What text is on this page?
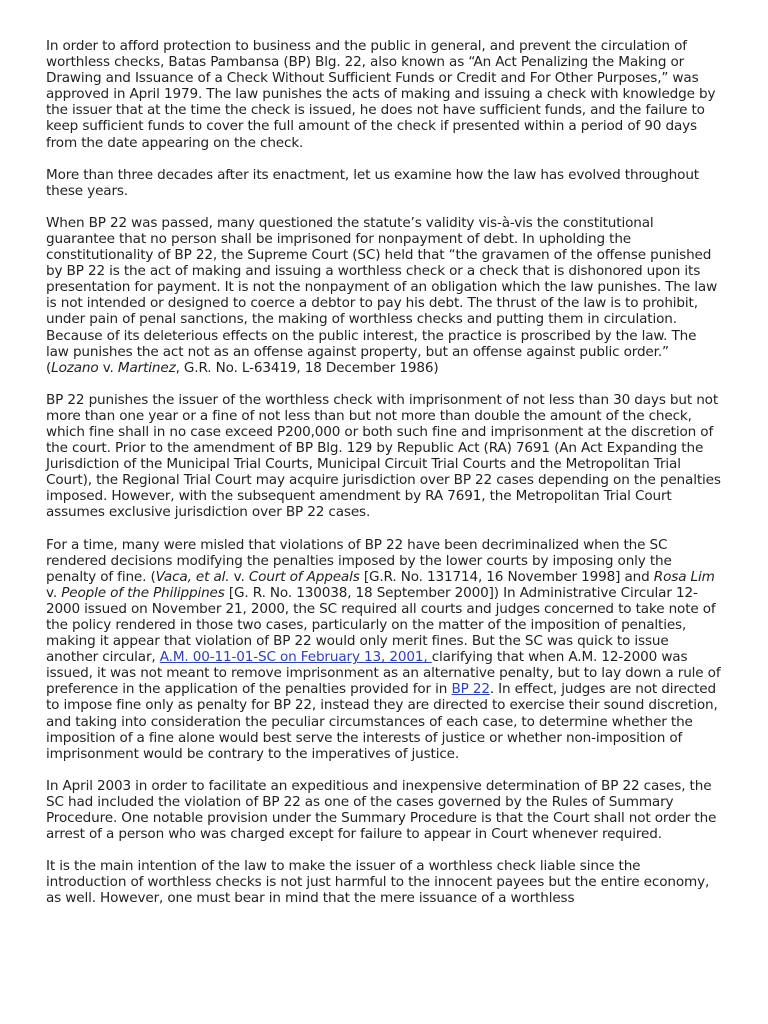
In order to afford protection to business and the public in general, and prevent the circulation of worthless checks, Batas Pambansa (BP) Blg. 22, also known as “An Act Penalizing the Making or Drawing and Issuance of a Check Without Sufficient Funds or Credit and For Other Purposes,” was approved in April 1979. The law punishes the acts of making and issuing a check with knowledge by the issuer that at the time the check is issued, he does not have sufficient funds, and the failure to keep sufficient funds to cover the full amount of the check if presented within a period of 90 days from the date appearing on the check.

More than three decades after its enactment, let us examine how the law has evolved throughout these years.

When BP 22 was passed, many questioned the statute’s validity vis-à-vis the constitutional guarantee that no person shall be imprisoned for nonpayment of debt. In upholding the constitutionality of BP 22, the Supreme Court (SC) held that “the gravamen of the offense punished by BP 22 is the act of making and issuing a worthless check or a check that is dishonored upon its presentation for payment. It is not the nonpayment of an obligation which the law punishes. The law is not intended or designed to coerce a debtor to pay his debt. The thrust of the law is to prohibit, under pain of penal sanctions, the making of worthless checks and putting them in circulation. Because of its deleterious effects on the public interest, the practice is proscribed by the law. The law punishes the act not as an offense against property, but an offense against public order.” (Lozano v. Martinez, G.R. No. L-63419, 18 December 1986)

BP 22 punishes the issuer of the worthless check with imprisonment of not less than 30 days but not more than one year or a fine of not less than but not more than double the amount of the check, which fine shall in no case exceed P200,000 or both such fine and imprisonment at the discretion of the court. Prior to the amendment of BP Blg. 129 by Republic Act (RA) 7691 (An Act Expanding the Jurisdiction of the Municipal Trial Courts, Municipal Circuit Trial Courts and the Metropolitan Trial Court), the Regional Trial Court may acquire jurisdiction over BP 22 cases depending on the penalties imposed. However, with the subsequent amendment by RA 7691, the Metropolitan Trial Court assumes exclusive jurisdiction over BP 22 cases.

For a time, many were misled that violations of BP 22 have been decriminalized when the SC rendered decisions modifying the penalties imposed by the lower courts by imposing only the penalty of fine. (Vaca, et al. v. Court of Appeals [G.R. No. 131714, 16 November 1998] and Rosa Lim v. People of the Philippines [G. R. No. 130038, 18 September 2000]) In Administrative Circular 12-2000 issued on November 21, 2000, the SC required all courts and judges concerned to take note of the policy rendered in those two cases, particularly on the matter of the imposition of penalties, making it appear that violation of BP 22 would only merit fines. But the SC was quick to issue another circular, A.M. 00-11-01-SC on February 13, 2001, clarifying that when A.M. 12-2000 was issued, it was not meant to remove imprisonment as an alternative penalty, but to lay down a rule of preference in the application of the penalties provided for in BP 22. In effect, judges are not directed to impose fine only as penalty for BP 22, instead they are directed to exercise their sound discretion, and taking into consideration the peculiar circumstances of each case, to determine whether the imposition of a fine alone would best serve the interests of justice or whether non-imposition of imprisonment would be contrary to the imperatives of justice.

In April 2003 in order to facilitate an expeditious and inexpensive determination of BP 22 cases, the SC had included the violation of BP 22 as one of the cases governed by the Rules of Summary Procedure. One notable provision under the Summary Procedure is that the Court shall not order the arrest of a person who was charged except for failure to appear in Court whenever required.

It is the main intention of the law to make the issuer of a worthless check liable since the introduction of worthless checks is not just harmful to the innocent payees but the entire economy, as well. However, one must bear in mind that the mere issuance of a worthless
